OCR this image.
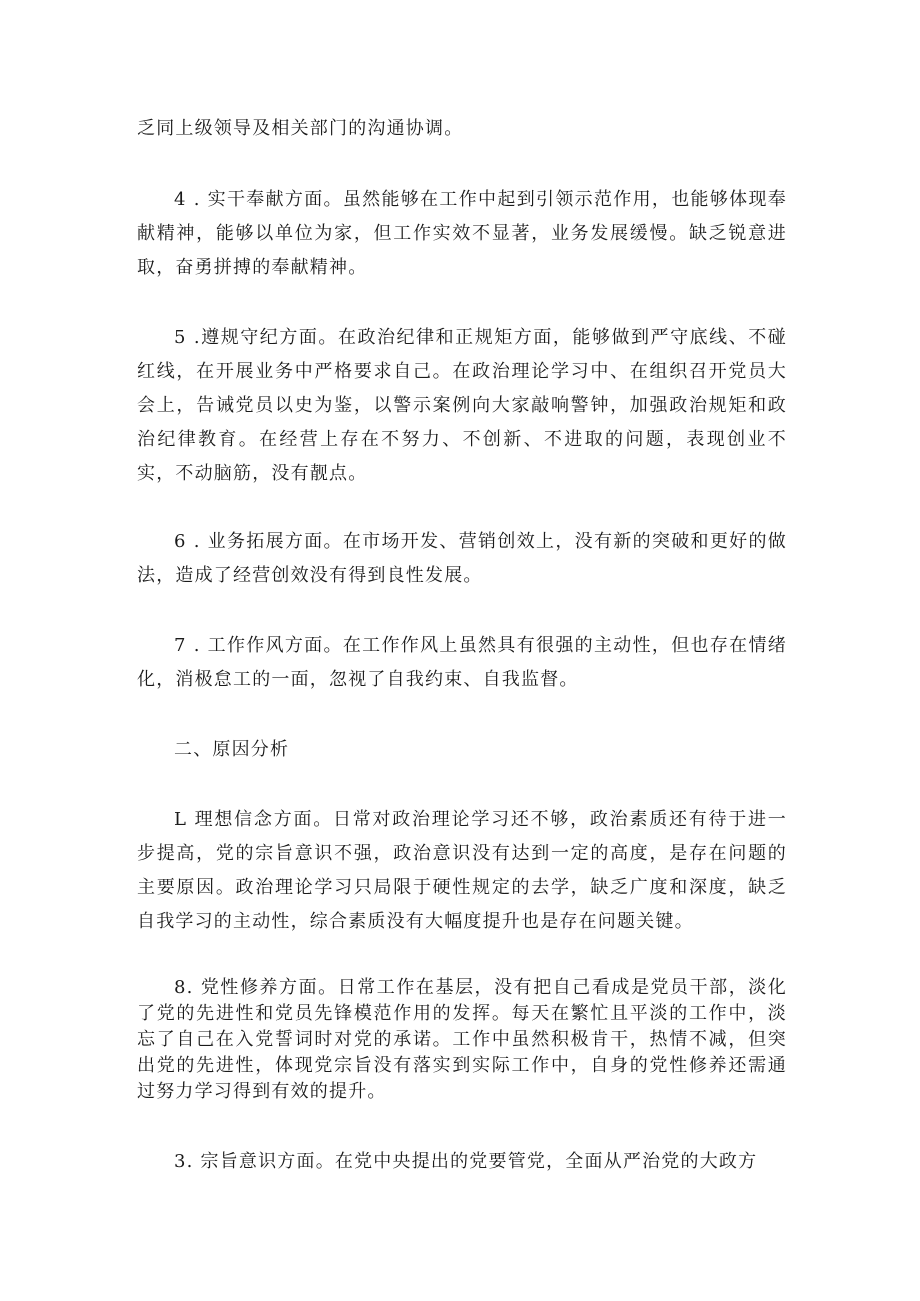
乏同上级领导及相关部门的沟通协调。

4 . 实干奉献方面。虽然能够在工作中起到引领示范作用，也能够体现奉献精神，能够以单位为家，但工作实效不显著，业务发展缓慢。缺乏锐意进取，奋勇拼搏的奉献精神。

5 .遵规守纪方面。在政治纪律和正规矩方面，能够做到严守底线、不碰红线，在开展业务中严格要求自己。在政治理论学习中、在组织召开党员大会上，告诫党员以史为鉴，以警示案例向大家敲响警钟，加强政治规矩和政治纪律教育。在经营上存在不努力、不创新、不进取的问题，表现创业不实，不动脑筋，没有靓点。

6 . 业务拓展方面。在市场开发、营销创效上，没有新的突破和更好的做法，造成了经营创效没有得到良性发展。

7 . 工作作风方面。在工作作风上虽然具有很强的主动性，但也存在情绪化，消极怠工的一面，忽视了自我约束、自我监督。

二、原因分析

L 理想信念方面。日常对政治理论学习还不够，政治素质还有待于进一步提高，党的宗旨意识不强，政治意识没有达到一定的高度，是存在问题的主要原因。政治理论学习只局限于硬性规定的去学，缺乏广度和深度，缺乏自我学习的主动性，综合素质没有大幅度提升也是存在问题关键。

8. 党性修养方面。日常工作在基层，没有把自己看成是党员干部，淡化了党的先进性和党员先锋模范作用的发挥。每天在繁忙且平淡的工作中，淡忘了自己在入党誓词时对党的承诺。工作中虽然积极肯干，热情不减，但突出党的先进性，体现党宗旨没有落实到实际工作中，自身的党性修养还需通过努力学习得到有效的提升。

3. 宗旨意识方面。在党中央提出的党要管党，全面从严治党的大政方
